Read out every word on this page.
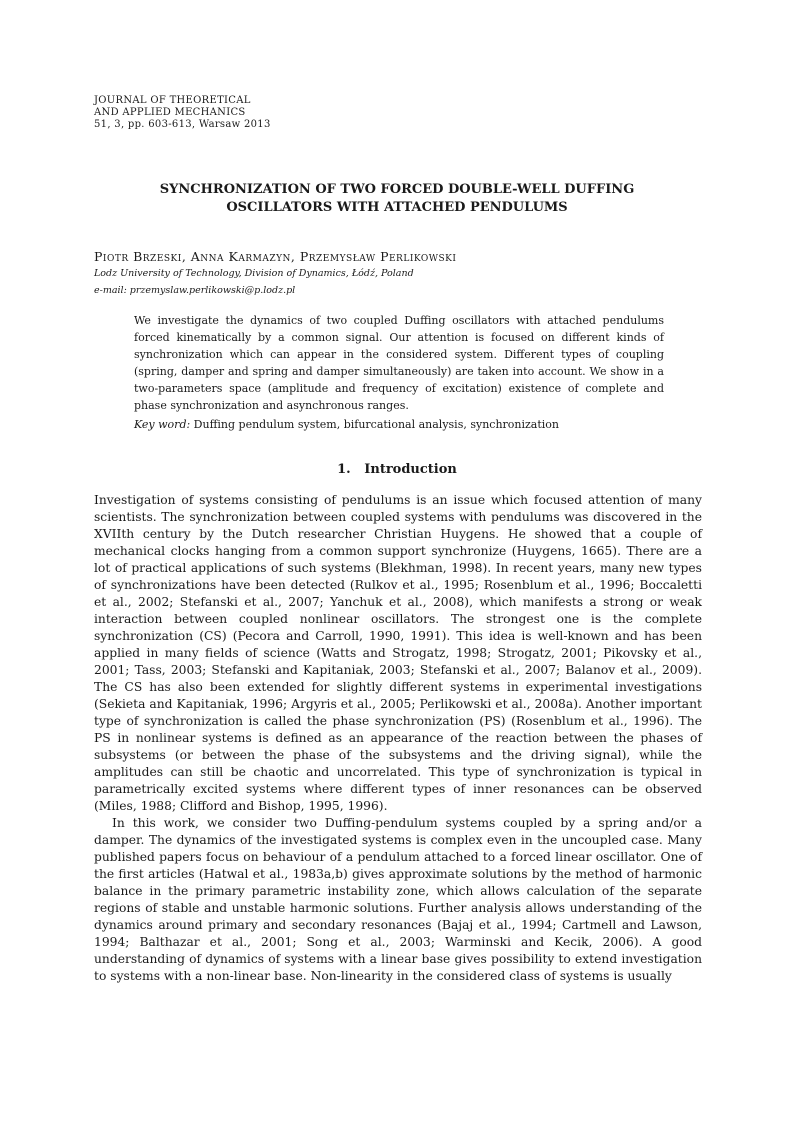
JOURNAL OF THEORETICAL
AND APPLIED MECHANICS
51, 3, pp. 603-613, Warsaw 2013
SYNCHRONIZATION OF TWO FORCED DOUBLE-WELL DUFFING
OSCILLATORS WITH ATTACHED PENDULUMS
Piotr Brzeski, Anna Karmazyn, Przemysław Perlikowski
Lodz University of Technology, Division of Dynamics, Łódź, Poland
e-mail: przemyslaw.perlikowski@p.lodz.pl

We investigate the dynamics of two coupled Duffing oscillators with attached pendulums forced kinematically by a common signal. Our attention is focused on different kinds of synchronization which can appear in the considered system. Different types of coupling (spring, damper and spring and damper simultaneously) are taken into account. We show in a two-parameters space (amplitude and frequency of excitation) existence of complete and phase synchronization and asynchronous ranges.

Key word: Duffing pendulum system, bifurcational analysis, synchronization
1. Introduction

Investigation of systems consisting of pendulums is an issue which focused attention of many scientists. The synchronization between coupled systems with pendulums was discovered in the XVIIth century by the Dutch researcher Christian Huygens. He showed that a couple of mechanical clocks hanging from a common support synchronize (Huygens, 1665). There are a lot of practical applications of such systems (Blekhman, 1998). In recent years, many new types of synchronizations have been detected (Rulkov et al., 1995; Rosenblum et al., 1996; Boccaletti et al., 2002; Stefanski et al., 2007; Yanchuk et al., 2008), which manifests a strong or weak interaction between coupled nonlinear oscillators. The strongest one is the complete synchronization (CS) (Pecora and Carroll, 1990, 1991). This idea is well-known and has been applied in many fields of science (Watts and Strogatz, 1998; Strogatz, 2001; Pikovsky et al., 2001; Tass, 2003; Stefanski and Kapitaniak, 2003; Stefanski et al., 2007; Balanov et al., 2009). The CS has also been extended for slightly different systems in experimental investigations (Sekieta and Kapitaniak, 1996; Argyris et al., 2005; Perlikowski et al., 2008a). Another important type of synchronization is called the phase synchronization (PS) (Rosenblum et al., 1996). The PS in nonlinear systems is defined as an appearance of the reaction between the phases of subsystems (or between the phase of the subsystems and the driving signal), while the amplitudes can still be chaotic and uncorrelated. This type of synchronization is typical in parametrically excited systems where different types of inner resonances can be observed (Miles, 1988; Clifford and Bishop, 1995, 1996).

In this work, we consider two Duffing-pendulum systems coupled by a spring and/or a damper. The dynamics of the investigated systems is complex even in the uncoupled case. Many published papers focus on behaviour of a pendulum attached to a forced linear oscillator. One of the first articles (Hatwal et al., 1983a,b) gives approximate solutions by the method of harmonic balance in the primary parametric instability zone, which allows calculation of the separate regions of stable and unstable harmonic solutions. Further analysis allows understanding of the dynamics around primary and secondary resonances (Bajaj et al., 1994; Cartmell and Lawson, 1994; Balthazar et al., 2001; Song et al., 2003; Warminski and Kecik, 2006). A good understanding of dynamics of systems with a linear base gives possibility to extend investigation to systems with a non-linear base. Non-linearity in the considered class of systems is usually
